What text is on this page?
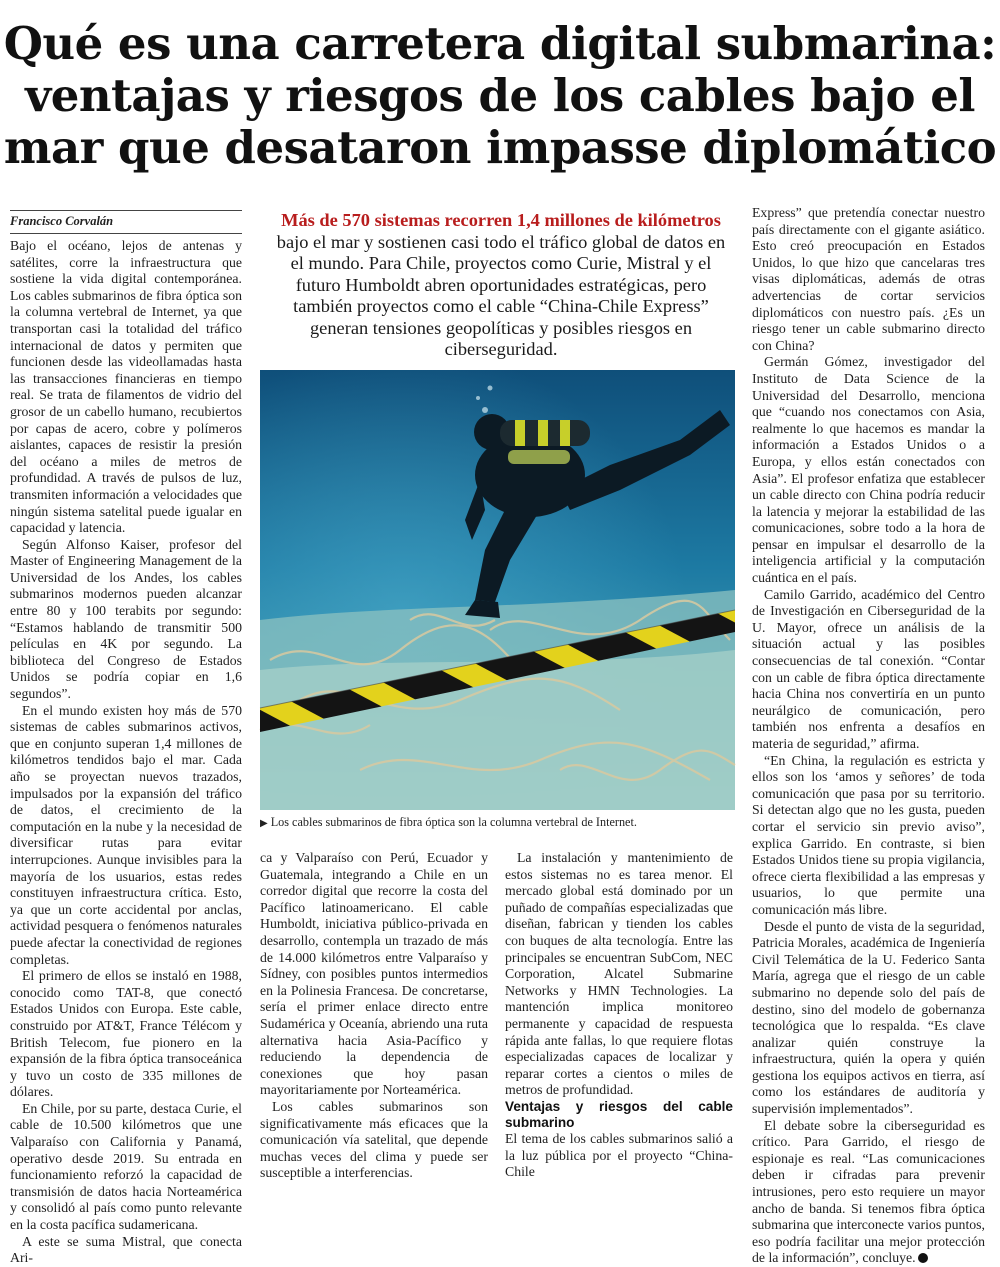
Qué es una carretera digital submarina:
ventajas y riesgos de los cables bajo el
mar que desataron impasse diplomático
Francisco Corvalán

Bajo el océano, lejos de antenas y satélites, corre la infraestructura que sostiene la vida digital contemporánea. Los cables submarinos de fibra óptica son la columna vertebral de Internet, ya que transportan casi la totalidad del tráfico internacional de datos y permiten que funcionen desde las videollamadas hasta las transacciones financieras en tiempo real. Se trata de filamentos de vidrio del grosor de un cabello humano, recubiertos por capas de acero, cobre y polímeros aislantes, capaces de resistir la presión del océano a miles de metros de profundidad. A través de pulsos de luz, transmiten información a velocidades que ningún sistema satelital puede igualar en capacidad y latencia.

Según Alfonso Kaiser, profesor del Master of Engineering Management de la Universidad de los Andes, los cables submarinos modernos pueden alcanzar entre 80 y 100 terabits por segundo: “Estamos hablando de transmitir 500 películas en 4K por segundo. La biblioteca del Congreso de Estados Unidos se podría copiar en 1,6 segundos”.

En el mundo existen hoy más de 570 sistemas de cables submarinos activos, que en conjunto superan 1,4 millones de kilómetros tendidos bajo el mar. Cada año se proyectan nuevos trazados, impulsados por la expansión del tráfico de datos, el crecimiento de la computación en la nube y la necesidad de diversificar rutas para evitar interrupciones. Aunque invisibles para la mayoría de los usuarios, estas redes constituyen infraestructura crítica. Esto, ya que un corte accidental por anclas, actividad pesquera o fenómenos naturales puede afectar la conectividad de regiones completas.

El primero de ellos se instaló en 1988, conocido como TAT-8, que conectó Estados Unidos con Europa. Este cable, construido por AT&T, France Télécom y British Telecom, fue pionero en la expansión de la fibra óptica transoceánica y tuvo un costo de 335 millones de dólares.

En Chile, por su parte, destaca Curie, el cable de 10.500 kilómetros que une Valparaíso con California y Panamá, operativo desde 2019. Su entrada en funcionamiento reforzó la capacidad de transmisión de datos hacia Norteamérica y consolidó al país como punto relevante en la costa pacífica sudamericana.

A este se suma Mistral, que conecta Ari-

Más de 570 sistemas recorren 1,4 millones de kilómetros bajo el mar y sostienen casi todo el tráfico global de datos en el mundo. Para Chile, proyectos como Curie, Mistral y el futuro Humboldt abren oportunidades estratégicas, pero también proyectos como el cable “China-Chile Express” generan tensiones geopolíticas y posibles riesgos en ciberseguridad.
▶ Los cables submarinos de fibra óptica son la columna vertebral de Internet.

ca y Valparaíso con Perú, Ecuador y Guatemala, integrando a Chile en un corredor digital que recorre la costa del Pacífico latinoamericano. El cable Humboldt, iniciativa público-privada en desarrollo, contempla un trazado de más de 14.000 kilómetros entre Valparaíso y Sídney, con posibles puntos intermedios en la Polinesia Francesa. De concretarse, sería el primer enlace directo entre Sudamérica y Oceanía, abriendo una ruta alternativa hacia Asia-Pacífico y reduciendo la dependencia de conexiones que hoy pasan mayoritariamente por Norteamérica.

Los cables submarinos son significativamente más eficaces que la comunicación vía satelital, que depende muchas veces del clima y puede ser susceptible a interferencias.

La instalación y mantenimiento de estos sistemas no es tarea menor. El mercado global está dominado por un puñado de compañías especializadas que diseñan, fabrican y tienden los cables con buques de alta tecnología. Entre las principales se encuentran SubCom, NEC Corporation, Alcatel Submarine Networks y HMN Technologies. La mantención implica monitoreo permanente y capacidad de respuesta rápida ante fallas, lo que requiere flotas especializadas capaces de localizar y reparar cortes a cientos o miles de metros de profundidad.

Ventajas y riesgos del cable submarino

El tema de los cables submarinos salió a la luz pública por el proyecto “China-Chile

Express” que pretendía conectar nuestro país directamente con el gigante asiático. Esto creó preocupación en Estados Unidos, lo que hizo que cancelaras tres visas diplomáticas, además de otras advertencias de cortar servicios diplomáticos con nuestro país. ¿Es un riesgo tener un cable submarino directo con China?

Germán Gómez, investigador del Instituto de Data Science de la Universidad del Desarrollo, menciona que “cuando nos conectamos con Asia, realmente lo que hacemos es mandar la información a Estados Unidos o a Europa, y ellos están conectados con Asia”. El profesor enfatiza que establecer un cable directo con China podría reducir la latencia y mejorar la estabilidad de las comunicaciones, sobre todo a la hora de pensar en impulsar el desarrollo de la inteligencia artificial y la computación cuántica en el país.

Camilo Garrido, académico del Centro de Investigación en Ciberseguridad de la U. Mayor, ofrece un análisis de la situación actual y las posibles consecuencias de tal conexión. “Contar con un cable de fibra óptica directamente hacia China nos convertiría en un punto neurálgico de comunicación, pero también nos enfrenta a desafíos en materia de seguridad,” afirma.

“En China, la regulación es estricta y ellos son los ‘amos y señores’ de toda comunicación que pasa por su territorio. Si detectan algo que no les gusta, pueden cortar el servicio sin previo aviso”, explica Garrido. En contraste, si bien Estados Unidos tiene su propia vigilancia, ofrece cierta flexibilidad a las empresas y usuarios, lo que permite una comunicación más libre.

Desde el punto de vista de la seguridad, Patricia Morales, académica de Ingeniería Civil Telemática de la U. Federico Santa María, agrega que el riesgo de un cable submarino no depende solo del país de destino, sino del modelo de gobernanza tecnológica que lo respalda. “Es clave analizar quién construye la infraestructura, quién la opera y quién gestiona los equipos activos en tierra, así como los estándares de auditoría y supervisión implementados”.

El debate sobre la ciberseguridad es crítico. Para Garrido, el riesgo de espionaje es real. “Las comunicaciones deben ir cifradas para prevenir intrusiones, pero esto requiere un mayor ancho de banda. Si tenemos fibra óptica submarina que interconecte varios puntos, eso podría facilitar una mejor protección de la información”, concluye.
